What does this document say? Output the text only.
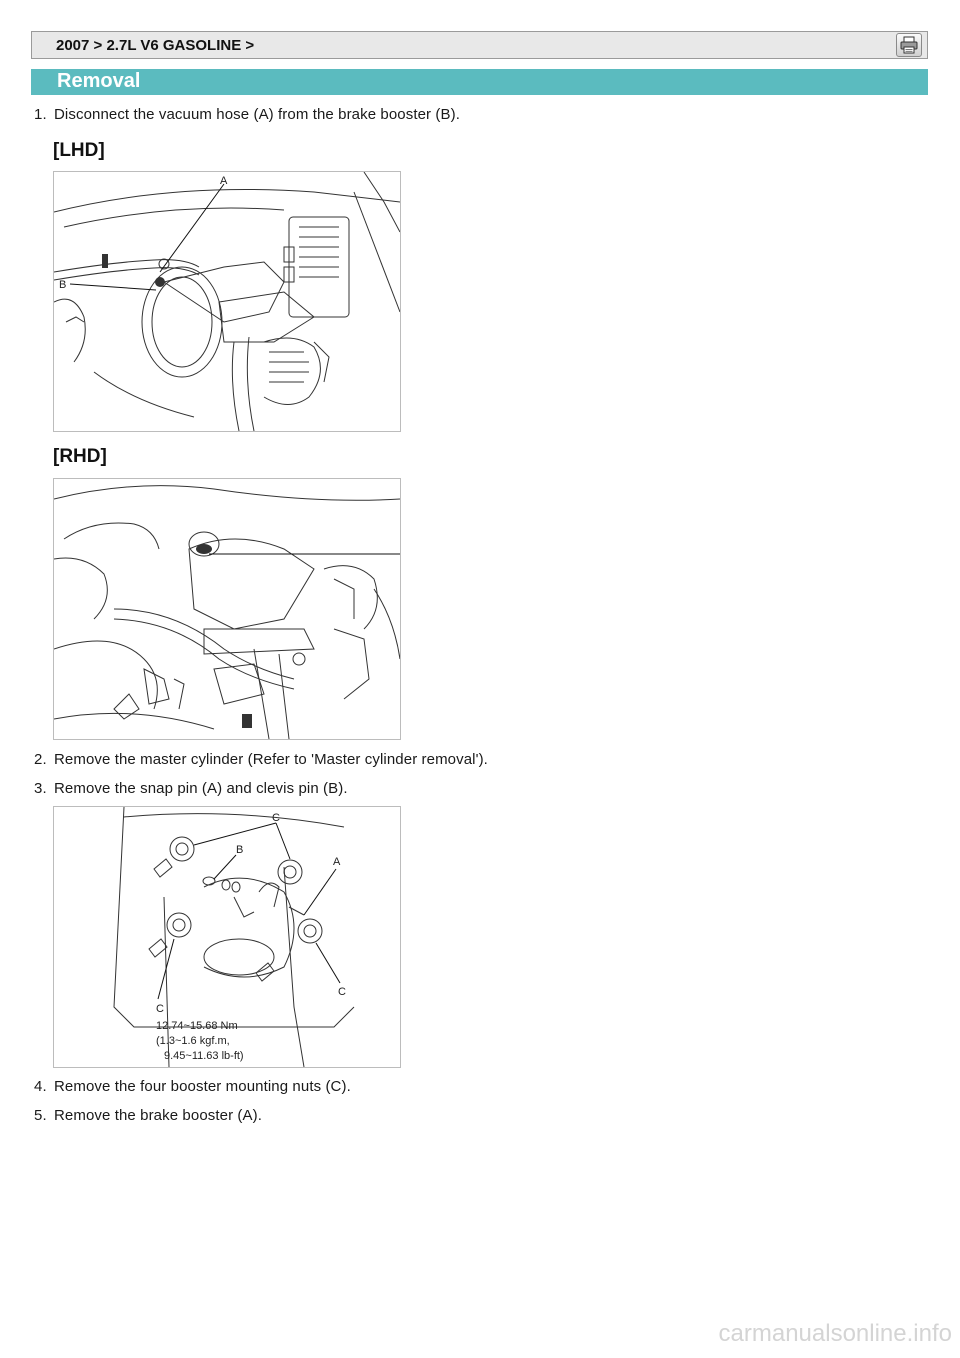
2007 > 2.7L V6 GASOLINE >
Removal
1. Disconnect the vacuum hose (A) from the brake booster (B).
[LHD]
A
B
[RHD]
2. Remove the master cylinder (Refer to 'Master cylinder removal').
3. Remove the snap pin (A) and clevis pin (B).
C
B
A
C
C
12.74~15.68 Nm
(1.3~1.6 kgf.m,
9.45~11.63 lb-ft)
4. Remove the four booster mounting nuts (C).
5. Remove the brake booster (A).
carmanualsonline.info
